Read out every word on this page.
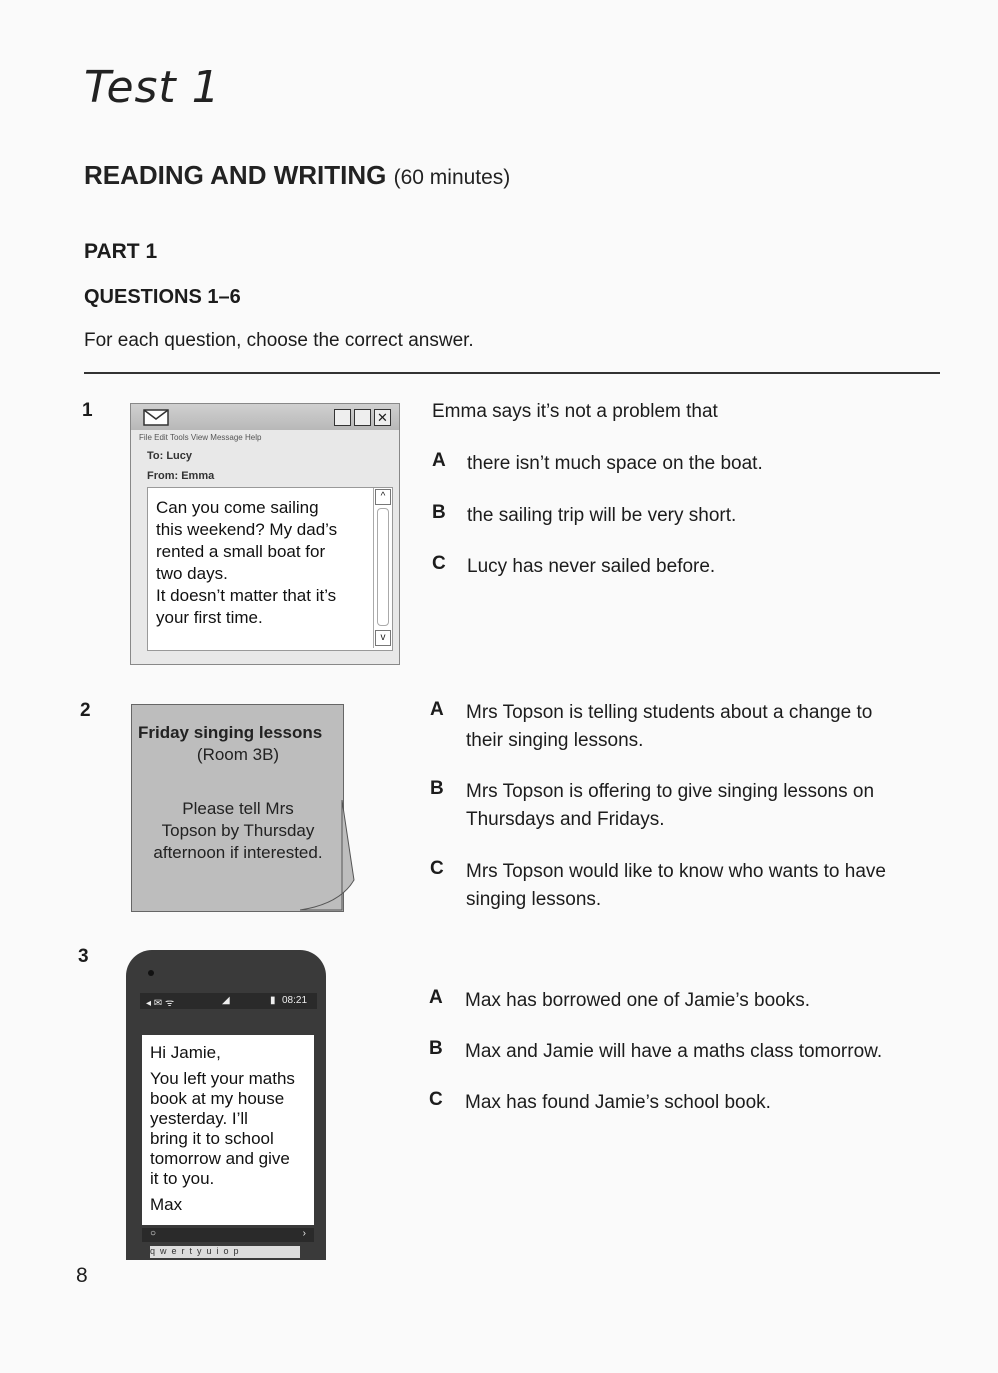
Test 1
READING AND WRITING (60 minutes)
PART 1
QUESTIONS 1–6
For each question, choose the correct answer.
1	✕
File Edit Tools View Message Help
To: Lucy
From: Emma
Can you come sailing
this weekend? My dad’s
rented a small boat for
two days.
It doesn’t matter that it’s
your first time.
^
v
Emma says it’s not a problem that
A	there isn’t much space on the boat.
B	the sailing trip will be very short.
C	Lucy has never sailed before.
2
Friday singing lessons
(Room 3B)
Please tell Mrs
Topson by Thursday
afternoon if interested.
A	Mrs Topson is telling students about a change to
their singing lessons.
B	Mrs Topson is offering to give singing lessons on
Thursdays and Fridays.
C	Mrs Topson would like to know who wants to have
singing lessons.
3
◂ ✉ ᯤ	◢	▮ 08:21
Hi Jamie,
You left your maths
book at my house
yesterday. I’ll
bring it to school
tomorrow and give
it to you.
Max
○	›
qwertyuiop
A	Max has borrowed one of Jamie’s books.
B	Max and Jamie will have a maths class tomorrow.
C	Max has found Jamie’s school book.
8
